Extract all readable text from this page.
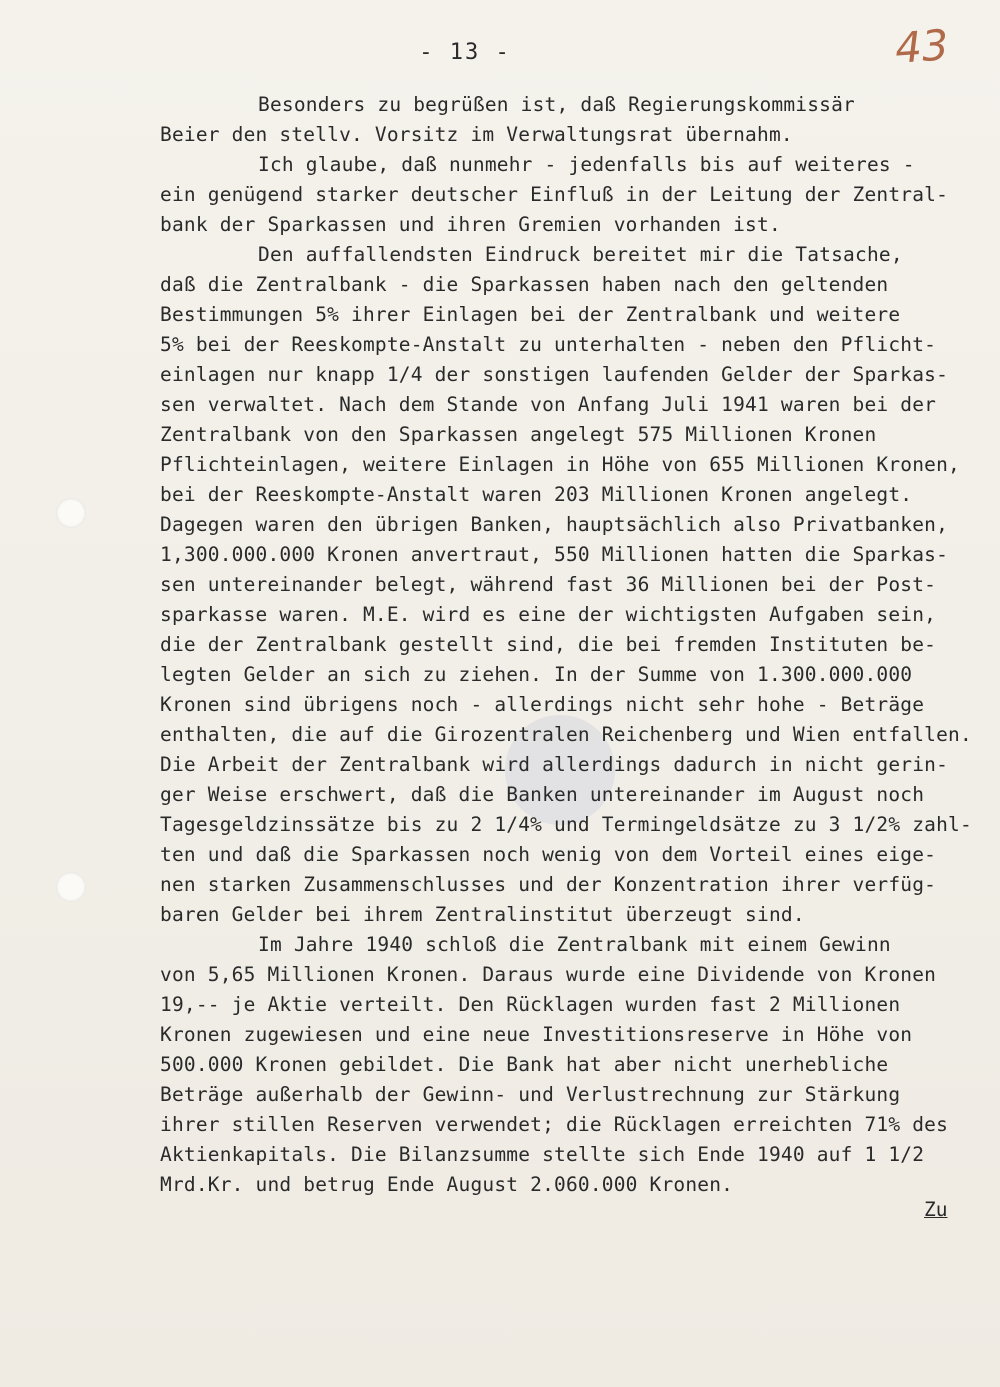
- 13 -	43
Besonders zu begrüßen ist, daß Regierungskommissär
Beier den stellv. Vorsitz im Verwaltungsrat übernahm.
Ich glaube, daß nunmehr - jedenfalls bis auf weiteres -
ein genügend starker deutscher Einfluß in der Leitung der Zentral-
bank der Sparkassen und ihren Gremien vorhanden ist.
Den auffallendsten Eindruck bereitet mir die Tatsache,
daß die Zentralbank - die Sparkassen haben nach den geltenden
Bestimmungen 5% ihrer Einlagen bei der Zentralbank und weitere
5% bei der Reeskompte-Anstalt zu unterhalten - neben den Pflicht-
einlagen nur knapp 1/4 der sonstigen laufenden Gelder der Sparkas-
sen verwaltet. Nach dem Stande von Anfang Juli 1941 waren bei der
Zentralbank von den Sparkassen angelegt 575 Millionen Kronen
Pflichteinlagen, weitere Einlagen in Höhe von 655 Millionen Kronen,
bei der Reeskompte-Anstalt waren 203 Millionen Kronen angelegt.
Dagegen waren den übrigen Banken, hauptsächlich also Privatbanken,
1,300.000.000 Kronen anvertraut, 550 Millionen hatten die Sparkas-
sen untereinander belegt, während fast 36 Millionen bei der Post-
sparkasse waren. M.E. wird es eine der wichtigsten Aufgaben sein,
die der Zentralbank gestellt sind, die bei fremden Instituten be-
legten Gelder an sich zu ziehen. In der Summe von 1.300.000.000
Kronen sind übrigens noch - allerdings nicht sehr hohe - Beträge
enthalten, die auf die Girozentralen Reichenberg und Wien entfallen.
Die Arbeit der Zentralbank wird allerdings dadurch in nicht gerin-
ger Weise erschwert, daß die Banken untereinander im August noch
Tagesgeldzinssätze bis zu 2 1/4% und Termingeldsätze zu 3 1/2% zahl-
ten und daß die Sparkassen noch wenig von dem Vorteil eines eige-
nen starken Zusammenschlusses und der Konzentration ihrer verfüg-
baren Gelder bei ihrem Zentralinstitut überzeugt sind.
Im Jahre 1940 schloß die Zentralbank mit einem Gewinn
von 5,65 Millionen Kronen. Daraus wurde eine Dividende von Kronen
19,-- je Aktie verteilt. Den Rücklagen wurden fast 2 Millionen
Kronen zugewiesen und eine neue Investitionsreserve in Höhe von
500.000 Kronen gebildet. Die Bank hat aber nicht unerhebliche
Beträge außerhalb der Gewinn- und Verlustrechnung zur Stärkung
ihrer stillen Reserven verwendet; die Rücklagen erreichten 71% des
Aktienkapitals. Die Bilanzsumme stellte sich Ende 1940 auf 1 1/2
Mrd.Kr. und betrug Ende August 2.060.000 Kronen.
Zu
